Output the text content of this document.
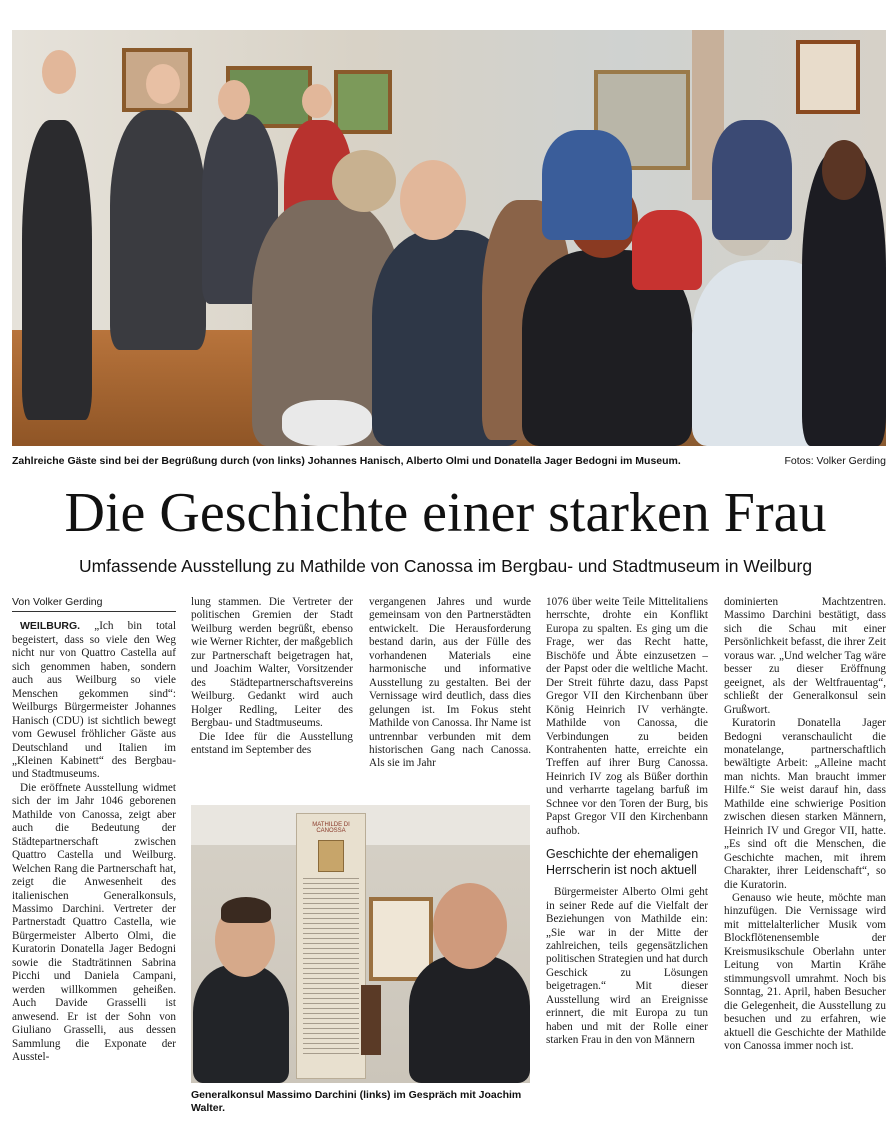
Zahlreiche Gäste sind bei der Begrüßung durch (von links) Johannes Hanisch, Alberto Olmi und Donatella Jager Bedogni im Museum.	Fotos: Volker Gerding
Die Geschichte einer starken Frau
Umfassende Ausstellung zu Mathilde von Canossa im Bergbau- und Stadtmuseum in Weilburg

Von Volker Gerding

WEILBURG. „Ich bin total begeistert, dass so viele den Weg nicht nur von Quattro Castella auf sich genommen haben, sondern auch aus Weilburg so viele Menschen gekommen sind“: Weilburgs Bürgermeister Johannes Hanisch (CDU) ist sichtlich bewegt vom Gewusel fröhlicher Gäste aus Deutschland und Italien im „Kleinen Kabinett“ des Bergbau- und Stadtmuseums.

Die eröffnete Ausstellung widmet sich der im Jahr 1046 geborenen Mathilde von Canossa, zeigt aber auch die Bedeutung der Städtepartnerschaft zwischen Quattro Castella und Weilburg. Welchen Rang die Partnerschaft hat, zeigt die Anwesenheit des italienischen Generalkonsuls, Massimo Darchini. Vertreter der Partnerstadt Quattro Castella, wie Bürgermeister Alberto Olmi, die Kuratorin Donatella Jager Bedogni sowie die Stadträtinnen Sabrina Picchi und Daniela Campani, werden willkommen geheißen. Auch Davide Grasselli ist anwesend. Er ist der Sohn von Giuliano Grasselli, aus dessen Sammlung die Exponate der Ausstel-

lung stammen. Die Vertreter der politischen Gremien der Stadt Weilburg werden begrüßt, ebenso wie Werner Richter, der maßgeblich zur Partnerschaft beigetragen hat, und Joachim Walter, Vorsitzender des Städtepartnerschaftsvereins Weilburg. Gedankt wird auch Holger Redling, Leiter des Bergbau- und Stadtmuseums.

Die Idee für die Ausstellung entstand im September des

vergangenen Jahres und wurde gemeinsam von den Partnerstädten entwickelt. Die Herausforderung bestand darin, aus der Fülle des vorhandenen Materials eine harmonische und informative Ausstellung zu gestalten. Bei der Vernissage wird deutlich, dass dies gelungen ist. Im Fokus steht Mathilde von Canossa. Ihr Name ist untrennbar verbunden mit dem historischen Gang nach Canossa. Als sie im Jahr

1076 über weite Teile Mittelitaliens herrschte, drohte ein Konflikt Europa zu spalten. Es ging um die Frage, wer das Recht hatte, Bischöfe und Äbte einzusetzen – der Papst oder die weltliche Macht. Der Streit führte dazu, dass Papst Gregor VII den Kirchenbann über König Heinrich IV verhängte. Mathilde von Canossa, die Verbindungen zu beiden Kontrahenten hatte, erreichte ein Treffen auf ihrer Burg Canossa. Heinrich IV zog als Büßer dorthin und verharrte tagelang barfuß im Schnee vor den Toren der Burg, bis Papst Gregor VII den Kirchenbann aufhob.

Geschichte der ehemaligen Herrscherin ist noch aktuell

Bürgermeister Alberto Olmi geht in seiner Rede auf die Vielfalt der Beziehungen von Mathilde ein: „Sie war in der Mitte der zahlreichen, teils gegensätzlichen politischen Strategien und hat durch Geschick zu Lösungen beigetragen.“ Mit dieser Ausstellung wird an Ereignisse erinnert, die mit Europa zu tun haben und mit der Rolle einer starken Frau in den von Männern

dominierten Machtzentren. Massimo Darchini bestätigt, dass sich die Schau mit einer Persönlichkeit befasst, die ihrer Zeit voraus war. „Und welcher Tag wäre besser zu dieser Eröffnung geeignet, als der Weltfrauentag“, schließt der Generalkonsul sein Grußwort.

Kuratorin Donatella Jager Bedogni veranschaulicht die monatelange, partnerschaftlich bewältigte Arbeit: „Alleine macht man nichts. Man braucht immer Hilfe.“ Sie weist darauf hin, dass Mathilde eine schwierige Position zwischen diesen starken Männern, Heinrich IV und Gregor VII, hatte. „Es sind oft die Menschen, die Geschichte machen, mit ihrem Charakter, ihrer Leidenschaft“, so die Kuratorin.

Genauso wie heute, möchte man hinzufügen. Die Vernissage wird mit mittelalterlicher Musik vom Blockflötenensemble der Kreismusikschule Oberlahn unter Leitung von Martin Krähe stimmungsvoll umrahmt. Noch bis Sonntag, 21. April, haben Besucher die Gelegenheit, die Ausstellung zu besuchen und zu erfahren, wie aktuell die Geschichte der Mathilde von Canossa immer noch ist.

MATHILDE DI CANOSSA
Generalkonsul Massimo Darchini (links) im Gespräch mit Joachim Walter.
